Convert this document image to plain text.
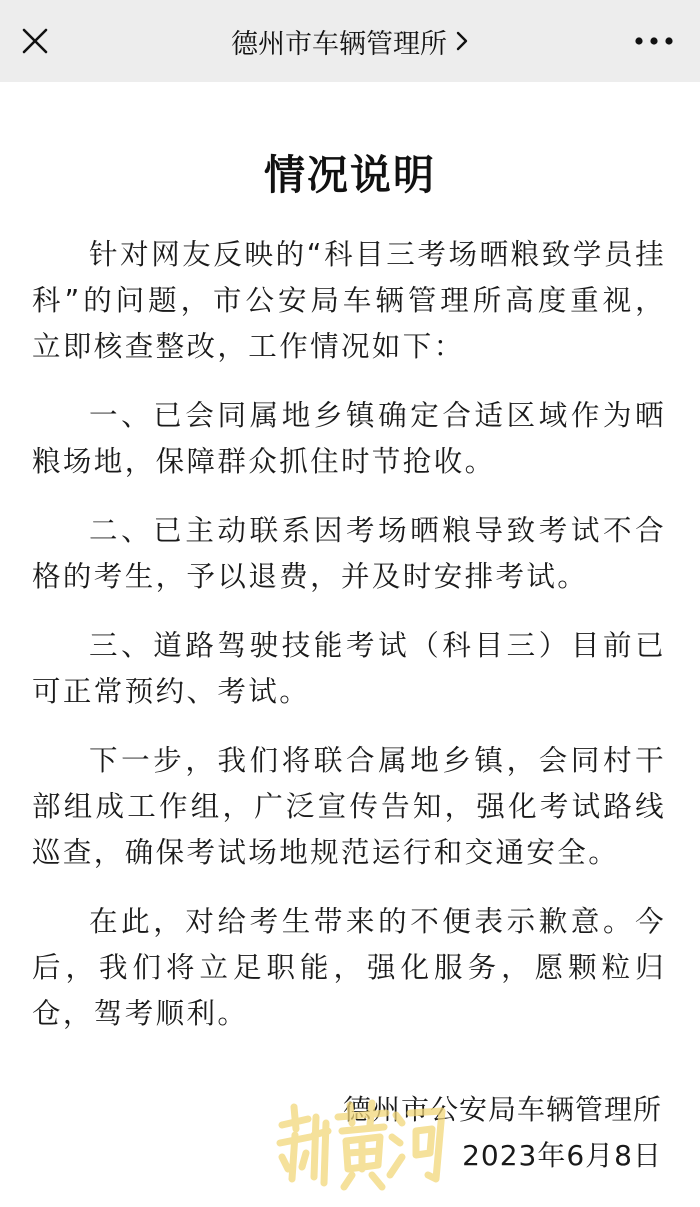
德州市车辆管理所
情况说明

针对网友反映的“科目三考场晒粮致学员挂科”的问题，市公安局车辆管理所高度重视，立即核查整改，工作情况如下：

一、已会同属地乡镇确定合适区域作为晒粮场地，保障群众抓住时节抢收。

二、已主动联系因考场晒粮导致考试不合格的考生，予以退费，并及时安排考试。

三、道路驾驶技能考试（科目三）目前已可正常预约、考试。

下一步，我们将联合属地乡镇，会同村干部组成工作组，广泛宣传告知，强化考试路线巡查，确保考试场地规范运行和交通安全。

在此，对给考生带来的不便表示歉意。今后，我们将立足职能，强化服务，愿颗粒归仓，驾考顺利。

德州市公安局车辆管理所
2023年6月8日
